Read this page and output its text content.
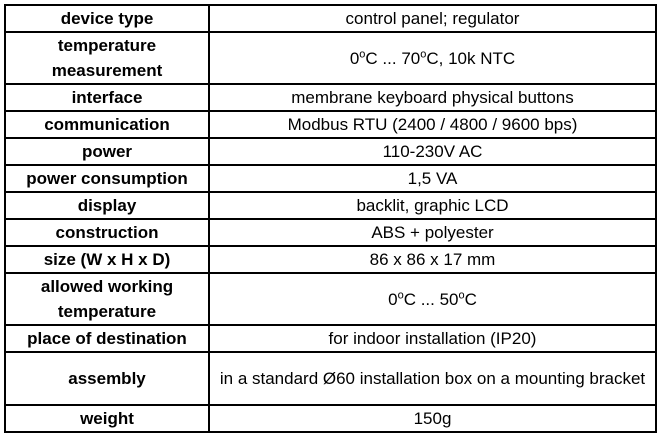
device type	control panel; regulator
temperature measurement	0$^o$C ... 70$^o$C, 10k NTC
interface	membrane keyboard physical buttons
communication	Modbus RTU (2400 / 4800 / 9600 bps)
power	110-230V AC
power consumption	1,5 VA
display	backlit, graphic LCD
construction	ABS + polyester
size (W x H x D)	86 x 86 x 17 mm
allowed working temperature	0$^o$C ... 50$^o$C
place of destination	for indoor installation (IP20)
assembly	in a standard Ø60 installation box on a mounting bracket
weight	150g
